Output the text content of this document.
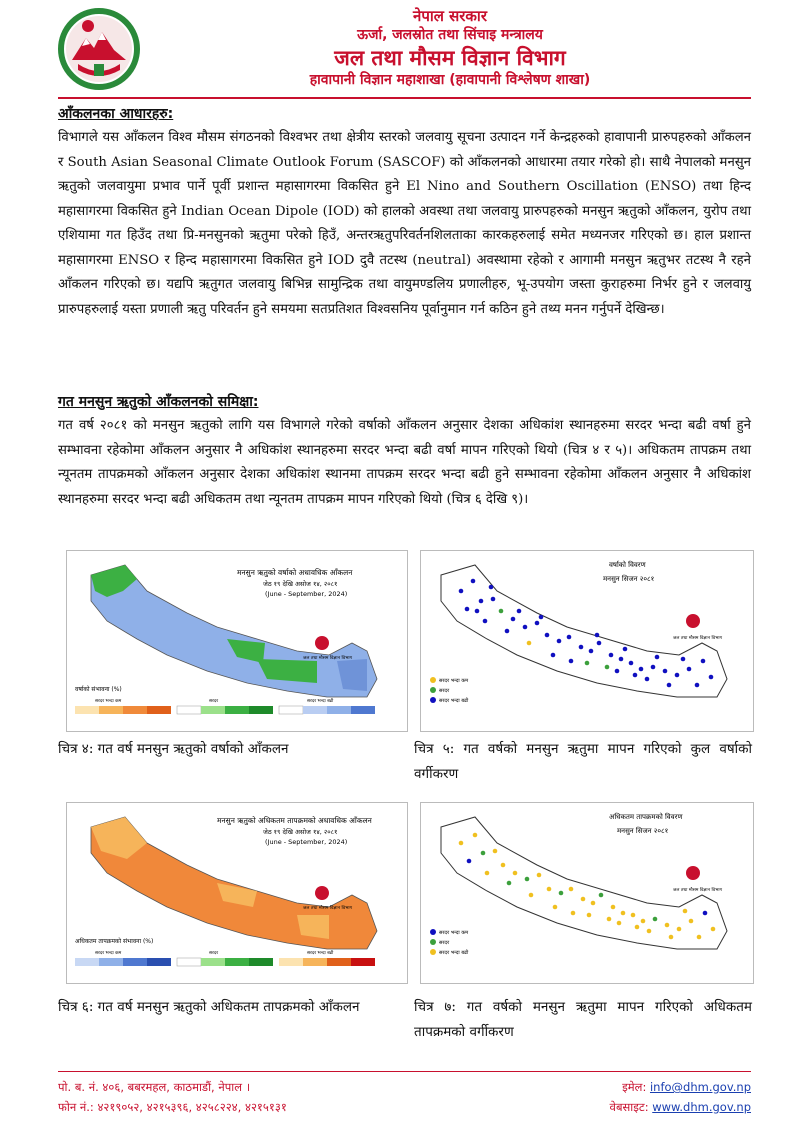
नेपाल सरकार
ऊर्जा, जलस्रोत तथा सिंचाइ मन्त्रालय
जल तथा मौसम विज्ञान विभाग
हावापानी विज्ञान महाशाखा (हावापानी विश्लेषण शाखा)
आँकलनका आधारहरु:
विभागले यस आँकलन विश्व मौसम संगठनको विश्वभर तथा क्षेत्रीय स्तरको जलवायु सूचना उत्पादन गर्ने केन्द्रहरुको हावापानी प्रारुपहरुको आँकलन र South Asian Seasonal Climate Outlook Forum (SASCOF) को आँकलनको आधारमा तयार गरेको हो। साथै नेपालको मनसुन ऋतुको जलवायुमा प्रभाव पार्ने पूर्वी प्रशान्त महासागरमा विकसित हुने El Nino and Southern Oscillation (ENSO) तथा हिन्द महासागरमा विकसित हुने Indian Ocean Dipole (IOD) को हालको अवस्था तथा जलवायु प्रारुपहरुको मनसुन ऋतुको आँकलन, युरोप तथा एशियामा गत हिउँद तथा प्रि-मनसुनको ऋतुमा परेको हिउँ, अन्तरऋतुपरिवर्तनशिलताका कारकहरुलाई समेत मध्यनजर गरिएको छ। हाल प्रशान्त महासागरमा ENSO र हिन्द महासागरमा विकसित हुने IOD दुवै तटस्थ (neutral) अवस्थामा रहेको र आगामी मनसुन ऋतुभर तटस्थ नै रहने आँकलन गरिएको छ। यद्यपि ऋतुगत जलवायु बिभिन्न सामुन्द्रिक तथा वायुमण्डलिय प्रणालीहरु, भू-उपयोग जस्ता कुराहरुमा निर्भर हुने र जलवायु प्रारुपहरुलाई यस्ता प्रणाली ऋतु परिवर्तन हुने समयमा सतप्रतिशत विश्वसनिय पूर्वानुमान गर्न कठिन हुने तथ्य मनन गर्नुपर्ने देखिन्छ।
गत मनसुन ऋतुको आँकलनको समिक्षा:
गत वर्ष २०८१ को मनसुन ऋतुको लागि यस विभागले गरेको वर्षाको आँकलन अनुसार देशका अधिकांश स्थानहरुमा सरदर भन्दा बढी वर्षा हुने सम्भावना रहेकोमा आँकलन अनुसार नै अधिकांश स्थानहरुमा सरदर भन्दा बढी वर्षा मापन गरिएको थियो (चित्र ४ र ५)। अधिकतम तापक्रम तथा न्यूनतम तापक्रमको आँकलन अनुसार देशका अधिकांश स्थानमा तापक्रम सरदर भन्दा बढी हुने सम्भावना रहेकोमा आँकलन अनुसार नै अधिकांश स्थानहरुमा सरदर भन्दा बढी अधिकतम तथा न्यूनतम तापक्रम मापन गरिएको थियो (चित्र ६ देखि ९)।
मनसुन ऋतुको वर्षाको अधावधिक आँकलन
जेठ १९ देखि असोज १४, २०८१
(June - September, 2024)
जल तथा मौसम विज्ञान विभाग
वर्षाको संभावना (%)
सरदर भन्दा कम	सरदर	सरदर भन्दा बढी
चित्र ४: गत वर्ष मनसुन ऋतुको वर्षाको आँकलन
वर्षाको विवरण
मनसुन सिजन २०८१
जल तथा मौसम विज्ञान विभाग
सरदर भन्दा कम
सरदर
सरदर भन्दा बढी
चित्र ५: गत वर्षको मनसुन ऋतुमा मापन गरिएको कुल वर्षाको वर्गीकरण
मनसुन ऋतुको अधिकतम तापक्रमको अधावधिक आँकलन
जेठ १९ देखि असोज १४, २०८१
(June - September, 2024)
जल तथा मौसम विज्ञान विभाग
अधिकतम तापक्रमको संभावना (%)
सरदर भन्दा कम	सरदर	सरदर भन्दा बढी
चित्र ६: गत वर्ष मनसुन ऋतुको अधिकतम तापक्रमको आँकलन
अधिकतम तापक्रमको विवरण
मनसुन सिजन २०८१
जल तथा मौसम विज्ञान विभाग
सरदर भन्दा कम
सरदर
सरदर भन्दा बढी
चित्र ७: गत वर्षको मनसुन ऋतुमा मापन गरिएको अधिकतम तापक्रमको वर्गीकरण
पो. ब. नं. ४०६, बबरमहल, काठमाडौं, नेपाल ।
फोन नं.: ४२१९०५२, ४२१५३९६, ४२५८२२४, ४२१५१३१
इमेल: info@dhm.gov.np
वेबसाइट: www.dhm.gov.np
